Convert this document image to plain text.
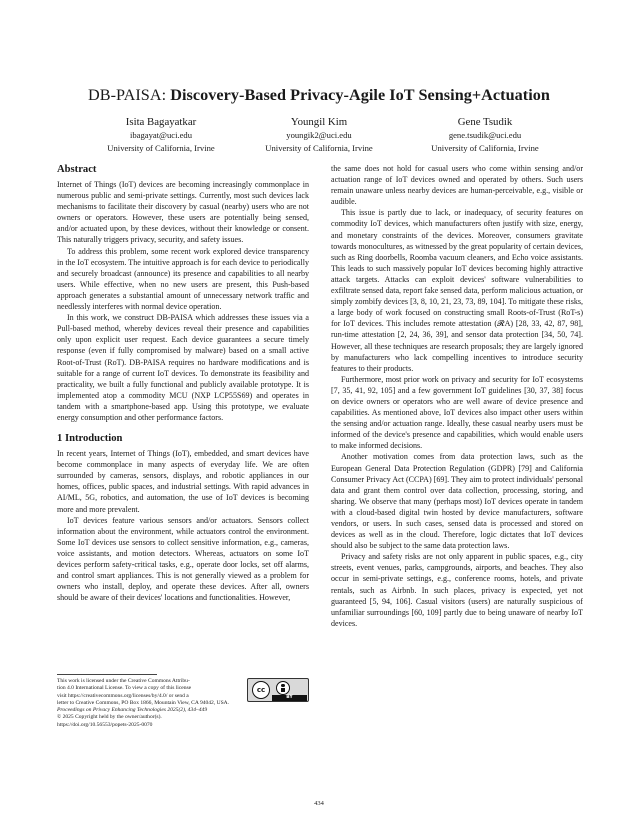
DB-PAISA: Discovery-Based Privacy-Agile IoT Sensing+Actuation
Isita Bagayatkar
ibagayat@uci.edu
University of California, Irvine
Youngil Kim
youngik2@uci.edu
University of California, Irvine
Gene Tsudik
gene.tsudik@uci.edu
University of California, Irvine
Abstract

Internet of Things (IoT) devices are becoming increasingly commonplace in numerous public and semi-private settings. Currently, most such devices lack mechanisms to facilitate their discovery by casual (nearby) users who are not owners or operators. However, these users are potentially being sensed, and/or actuated upon, by these devices, without their knowledge or consent. This naturally triggers privacy, security, and safety issues.

To address this problem, some recent work explored device transparency in the IoT ecosystem. The intuitive approach is for each device to periodically and securely broadcast (announce) its presence and capabilities to all nearby users. While effective, when no new users are present, this Push-based approach generates a substantial amount of unnecessary network traffic and needlessly interferes with normal device operation.

In this work, we construct DB-PAISA which addresses these issues via a Pull-based method, whereby devices reveal their presence and capabilities only upon explicit user request. Each device guarantees a secure timely response (even if fully compromised by malware) based on a small active Root-of-Trust (RoT). DB-PAISA requires no hardware modifications and is suitable for a range of current IoT devices. To demonstrate its feasibility and practicality, we built a fully functional and publicly available prototype. It is implemented atop a commodity MCU (NXP LCP55S69) and operates in tandem with a smartphone-based app. Using this prototype, we evaluate energy consumption and other performance factors.

1 Introduction

In recent years, Internet of Things (IoT), embedded, and smart devices have become commonplace in many aspects of everyday life. We are often surrounded by cameras, sensors, displays, and robotic appliances in our homes, offices, public spaces, and industrial settings. With rapid advances in AI/ML, 5G, robotics, and automation, the use of IoT devices is becoming more and more prevalent.

IoT devices feature various sensors and/or actuators. Sensors collect information about the environment, while actuators control the environment. Some IoT devices use sensors to collect sensitive information, e.g., cameras, voice assistants, and motion detectors. Whereas, actuators on some IoT devices perform safety-critical tasks, e.g., operate door locks, set off alarms, and control smart appliances. This is not generally viewed as a problem for owners who install, deploy, and operate these devices. After all, owners should be aware of their devices' locations and functionalities. However,

the same does not hold for casual users who come within sensing and/or actuation range of IoT devices owned and operated by others. Such users remain unaware unless nearby devices are human-perceivable, e.g., visible or audible.

This issue is partly due to lack, or inadequacy, of security features on commodity IoT devices, which manufacturers often justify with size, energy, and monetary constraints of the devices. Moreover, consumers gravitate towards monocultures, as witnessed by the great popularity of certain devices, such as Ring doorbells, Roomba vacuum cleaners, and Echo voice assistants. This leads to such massively popular IoT devices becoming highly attractive attack targets. Attacks can exploit devices' software vulnerabilities to exfiltrate sensed data, report fake sensed data, perform malicious actuation, or simply zombify devices [3, 8, 10, 21, 23, 73, 89, 104]. To mitigate these risks, a large body of work focused on constructing small Roots-of-Trust (RoT-s) for IoT devices. This includes remote attestation (𝓡A) [28, 33, 42, 87, 98], run-time attestation [2, 24, 36, 39], and sensor data protection [34, 50, 74]. However, all these techniques are research proposals; they are largely ignored by manufacturers who lack compelling incentives to introduce security features to their products.

Furthermore, most prior work on privacy and security for IoT ecosystems [7, 35, 41, 92, 105] and a few government IoT guidelines [30, 37, 38] focus on device owners or operators who are well aware of device presence and capabilities. As mentioned above, IoT devices also impact other users within the sensing and/or actuation range. Ideally, these casual nearby users must be informed of the device's presence and capabilities, which would enable users to make informed decisions.

Another motivation comes from data protection laws, such as the European General Data Protection Regulation (GDPR) [79] and California Consumer Privacy Act (CCPA) [69]. They aim to protect individuals' personal data and grant them control over data collection, processing, storing, and sharing. We observe that many (perhaps most) IoT devices operate in tandem with a cloud-based digital twin hosted by device manufacturers, software vendors, or users. In such cases, sensed data is processed and stored on devices as well as in the cloud. Therefore, logic dictates that IoT devices should also be subject to the same data protection laws.

Privacy and safety risks are not only apparent in public spaces, e.g., city streets, event venues, parks, campgrounds, airports, and beaches. They also occur in semi-private settings, e.g., conference rooms, hotels, and private rentals, such as Airbnb. In such places, privacy is expected, yet not guaranteed [5, 94, 106]. Casual visitors (users) are naturally suspicious of unfamiliar surroundings [60, 109] partly due to being unaware of nearby IoT devices.

This work is licensed under the Creative Commons Attribu-
tion 4.0 International License. To view a copy of this license
visit https://creativecommons.org/licenses/by/4.0/ or send a
letter to Creative Commons, PO Box 1866, Mountain View, CA 94042, USA.
Proceedings on Privacy Enhancing Technologies 2025(2), 434–449
© 2025 Copyright held by the owner/author(s).
https://doi.org/10.56553/popets-2025-0070
cc
BY
434
